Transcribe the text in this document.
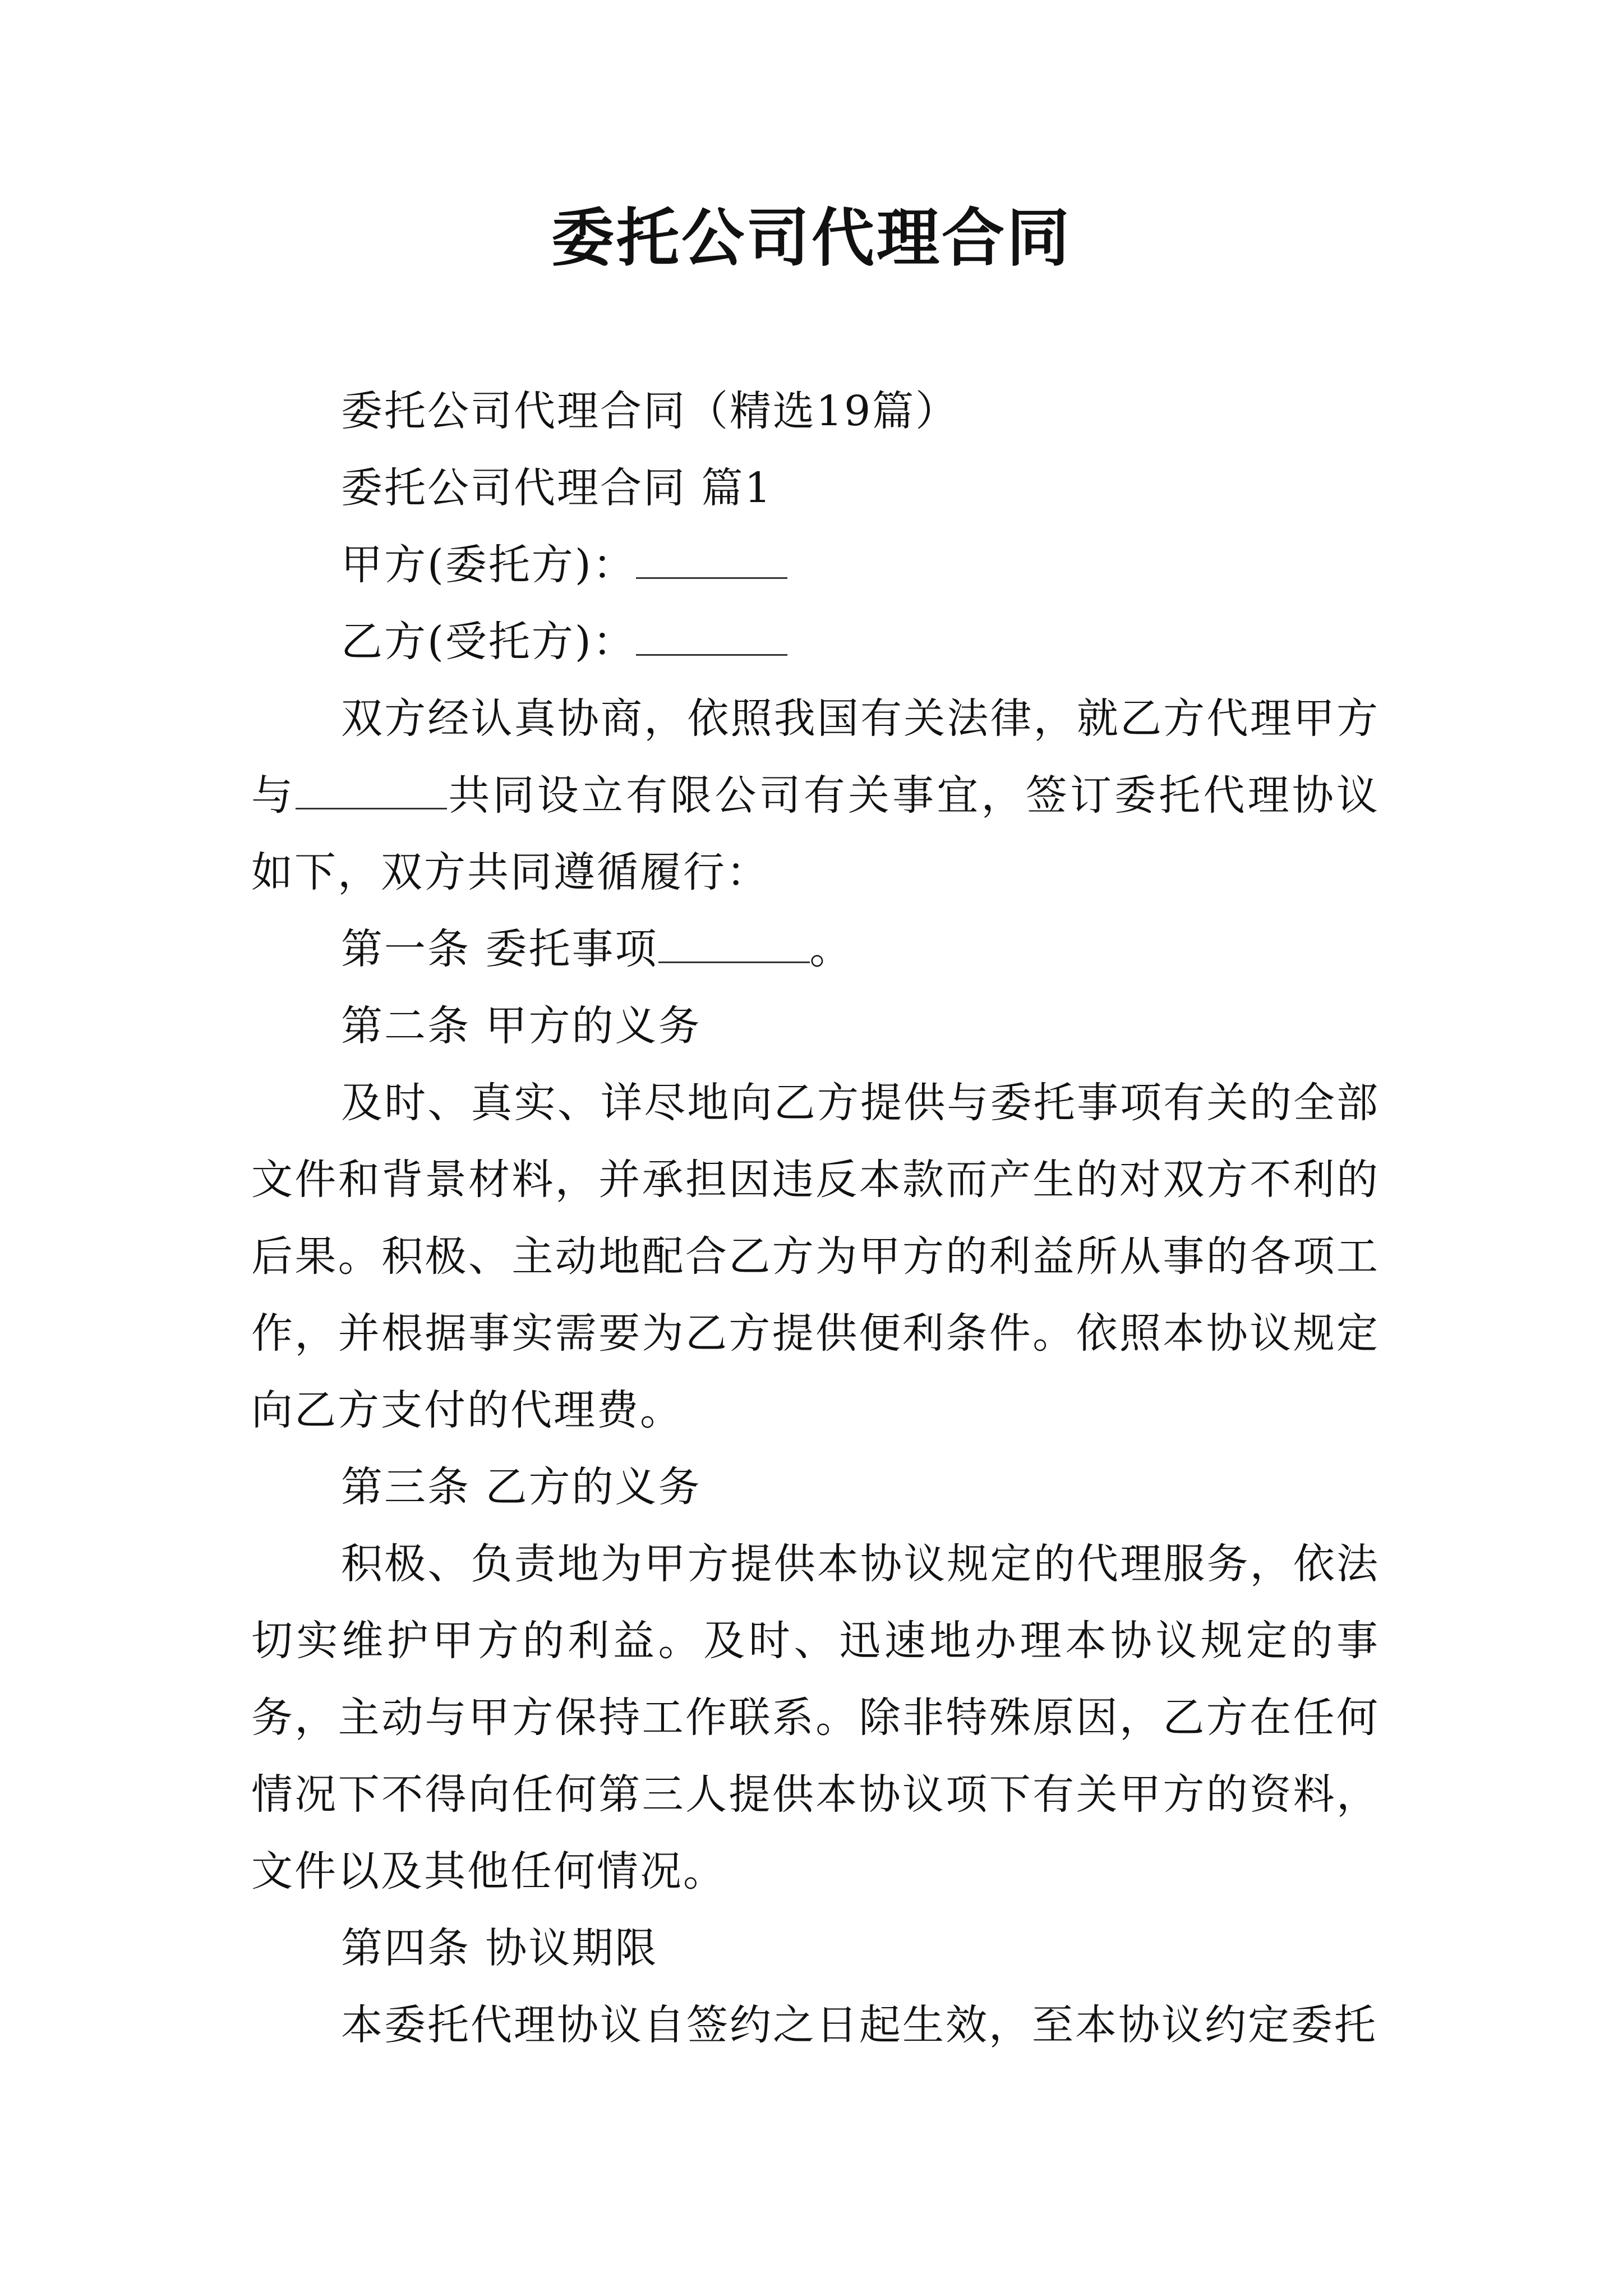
委托公司代理合同

委托公司代理合同（精选19篇）

委托公司代理合同 篇1

甲方(委托方)：

乙方(受托方)：

双方经认真协商，依照我国有关法律，就乙方代理甲方与	共同设立有限公司有关事宜，签订委托代理协议如下，双方共同遵循履行：

第一条 委托事项	。

第二条 甲方的义务

及时、真实、详尽地向乙方提供与委托事项有关的全部文件和背景材料，并承担因违反本款而产生的对双方不利的后果。积极、主动地配合乙方为甲方的利益所从事的各项工作，并根据事实需要为乙方提供便利条件。依照本协议规定向乙方支付的代理费。

第三条 乙方的义务

积极、负责地为甲方提供本协议规定的代理服务，依法切实维护甲方的利益。及时、迅速地办理本协议规定的事务，主动与甲方保持工作联系。除非特殊原因，乙方在任何情况下不得向任何第三人提供本协议项下有关甲方的资料，文件以及其他任何情况。

第四条 协议期限

本委托代理协议自签约之日起生效，至本协议约定委托
